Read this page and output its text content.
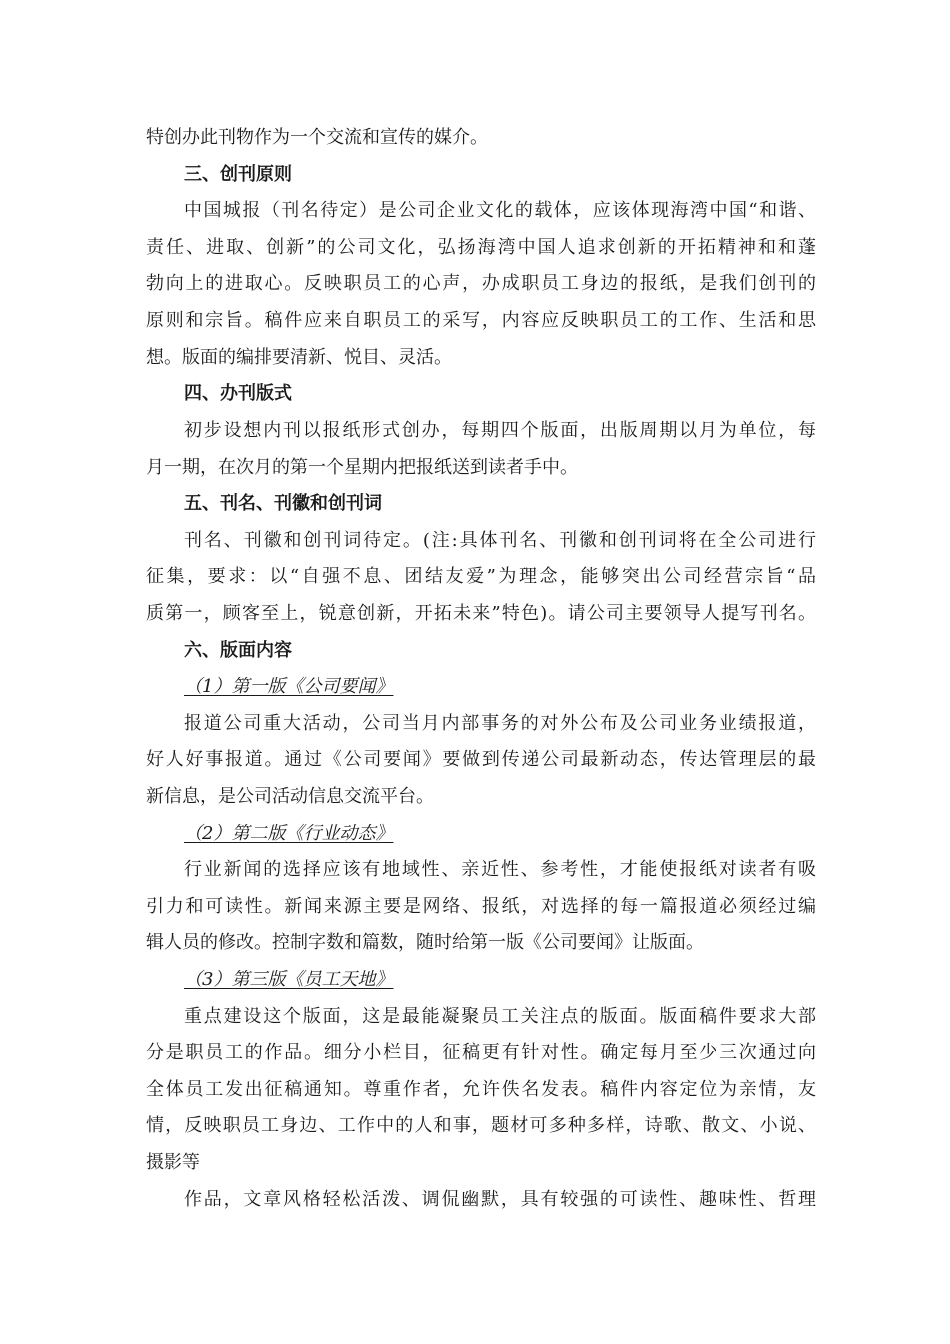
特创办此刊物作为一个交流和宣传的媒介。
三、创刊原则
中国城报（刊名待定）是公司企业文化的载体，应该体现海湾中国“和谐、
责任、进取、创新”的公司文化，弘扬海湾中国人追求创新的开拓精神和和蓬
勃向上的进取心。反映职员工的心声，办成职员工身边的报纸，是我们创刊的
原则和宗旨。稿件应来自职员工的采写，内容应反映职员工的工作、生活和思
想。版面的编排要清新、悦目、灵活。
四、办刊版式
初步设想内刊以报纸形式创办，每期四个版面，出版周期以月为单位，每
月一期，在次月的第一个星期内把报纸送到读者手中。
五、刊名、刊徽和创刊词
刊名、刊徽和创刊词待定。(注:具体刊名、刊徽和创刊词将在全公司进行
征集，要求：以“自强不息、团结友爱”为理念，能够突出公司经营宗旨“品
质第一，顾客至上，锐意创新，开拓未来”特色)。请公司主要领导人提写刊名。
六、版面内容
（1）第一版《公司要闻》
报道公司重大活动，公司当月内部事务的对外公布及公司业务业绩报道，
好人好事报道。通过《公司要闻》要做到传递公司最新动态，传达管理层的最
新信息，是公司活动信息交流平台。
（2）第二版《行业动态》
行业新闻的选择应该有地域性、亲近性、参考性，才能使报纸对读者有吸
引力和可读性。新闻来源主要是网络、报纸，对选择的每一篇报道必须经过编
辑人员的修改。控制字数和篇数，随时给第一版《公司要闻》让版面。
（3）第三版《员工天地》
重点建设这个版面，这是最能凝聚员工关注点的版面。版面稿件要求大部
分是职员工的作品。细分小栏目，征稿更有针对性。确定每月至少三次通过向
全体员工发出征稿通知。尊重作者，允许佚名发表。稿件内容定位为亲情，友
情，反映职员工身边、工作中的人和事，题材可多种多样，诗歌、散文、小说、
摄影等
作品，文章风格轻松活泼、调侃幽默，具有较强的可读性、趣味性、哲理
